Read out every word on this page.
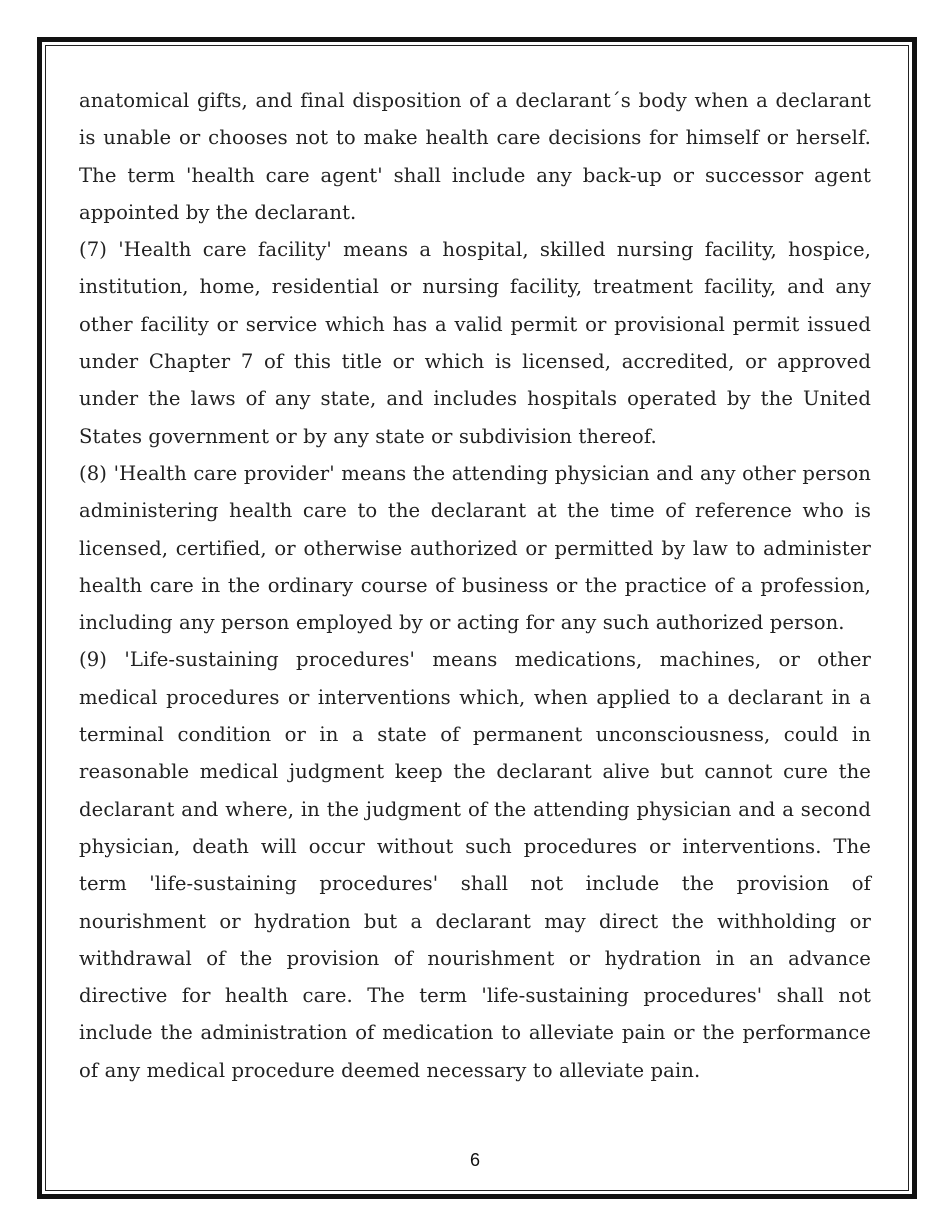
anatomical gifts, and final disposition of a declarant´s body when a declarant is unable or chooses not to make health care decisions for himself or herself. The term 'health care agent' shall include any back-up or successor agent appointed by the declarant.

(7) 'Health care facility' means a hospital, skilled nursing facility, hospice, institution, home, residential or nursing facility, treatment facility, and any other facility or service which has a valid permit or provisional permit issued under Chapter 7 of this title or which is licensed, accredited, or approved under the laws of any state, and includes hospitals operated by the United States government or by any state or subdivision thereof.

(8) 'Health care provider' means the attending physician and any other person administering health care to the declarant at the time of reference who is licensed, certified, or otherwise authorized or permitted by law to administer health care in the ordinary course of business or the practice of a profession, including any person employed by or acting for any such authorized person.

(9) 'Life-sustaining procedures' means medications, machines, or other medical procedures or interventions which, when applied to a declarant in a terminal condition or in a state of permanent unconsciousness, could in reasonable medical judgment keep the declarant alive but cannot cure the declarant and where, in the judgment of the attending physician and a second physician, death will occur without such procedures or interventions. The term 'life-sustaining procedures' shall not include the provision of nourishment or hydration but a declarant may direct the withholding or withdrawal of the provision of nourishment or hydration in an advance directive for health care. The term 'life-sustaining procedures' shall not include the administration of medication to alleviate pain or the performance of any medical procedure deemed necessary to alleviate pain.

6
